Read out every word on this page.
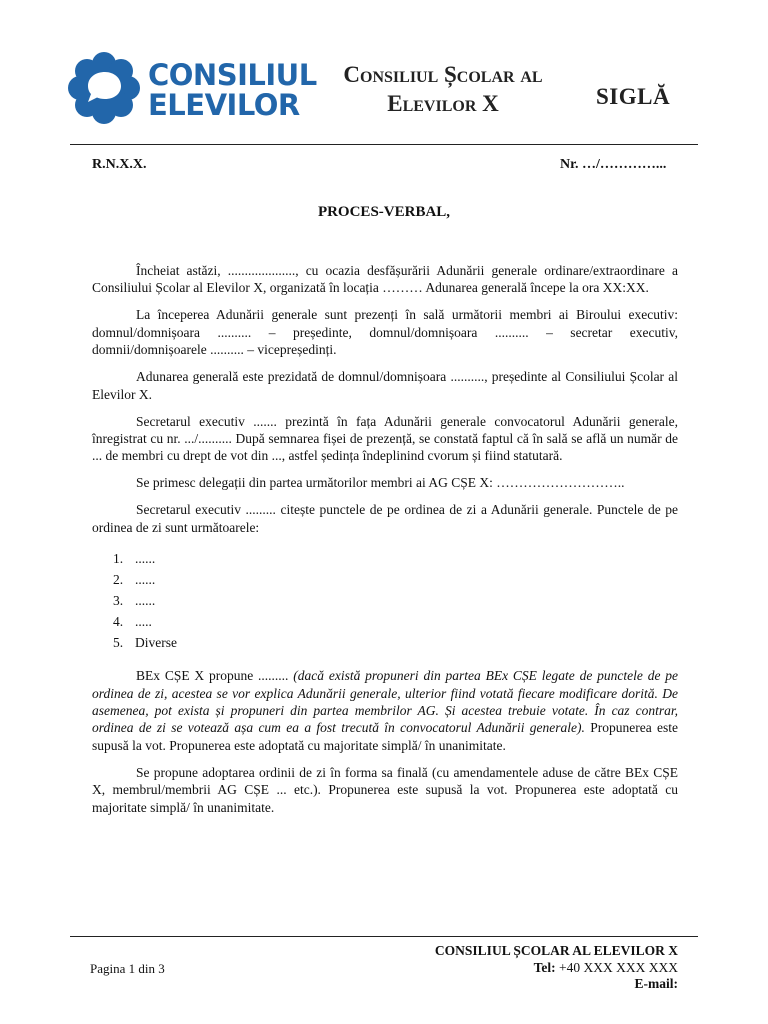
CONSILIUL
ELEVILOR
Consiliul Școlar al
Elevilor X	SIGLĂ
R.N.X.X.	Nr. …/…………...
PROCES-VERBAL,

Încheiat astăzi, ...................., cu ocazia desfășurării Adunării generale ordinare/extraordinare a Consiliului Școlar al Elevilor X, organizată în locația ……… Adunarea generală începe la ora XX:XX.

La începerea Adunării generale sunt prezenți în sală următorii membri ai Biroului executiv: domnul/domnișoara .......... – președinte, domnul/domnișoara .......... – secretar executiv, domnii/domnișoarele .......... – vicepreședinți.

Adunarea generală este prezidată de domnul/domnișoara .........., președinte al Consiliului Școlar al Elevilor X.

Secretarul executiv ....... prezintă în fața Adunării generale convocatorul Adunării generale, înregistrat cu nr. .../.......... După semnarea fișei de prezență, se constată faptul că în sală se află un număr de ... de membri cu drept de vot din ..., astfel ședința îndeplinind cvorum și fiind statutară.

Se primesc delegații din partea următorilor membri ai AG CȘE X: ………………………..

Secretarul executiv ......... citește punctele de pe ordinea de zi a Adunării generale. Punctele de pe ordinea de zi sunt următoarele:

1. ......
2. ......
3. ......
4. .....
5. Diverse

BEx CȘE X propune ......... (dacă există propuneri din partea BEx CȘE legate de punctele de pe ordinea de zi, acestea se vor explica Adunării generale, ulterior fiind votată fiecare modificare dorită. De asemenea, pot exista și propuneri din partea membrilor AG. Și acestea trebuie votate. În caz contrar, ordinea de zi se votează așa cum ea a fost trecută în convocatorul Adunării generale). Propunerea este supusă la vot. Propunerea este adoptată cu majoritate simplă/ în unanimitate.

Se propune adoptarea ordinii de zi în forma sa finală (cu amendamentele aduse de către BEx CȘE X, membrul/membrii AG CȘE ... etc.). Propunerea este supusă la vot. Propunerea este adoptată cu majoritate simplă/ în unanimitate.

CONSILIUL ȘCOLAR AL ELEVILOR X
Pagina 1 din 3	Tel: +40 XXX XXX XXX
E-mail:
